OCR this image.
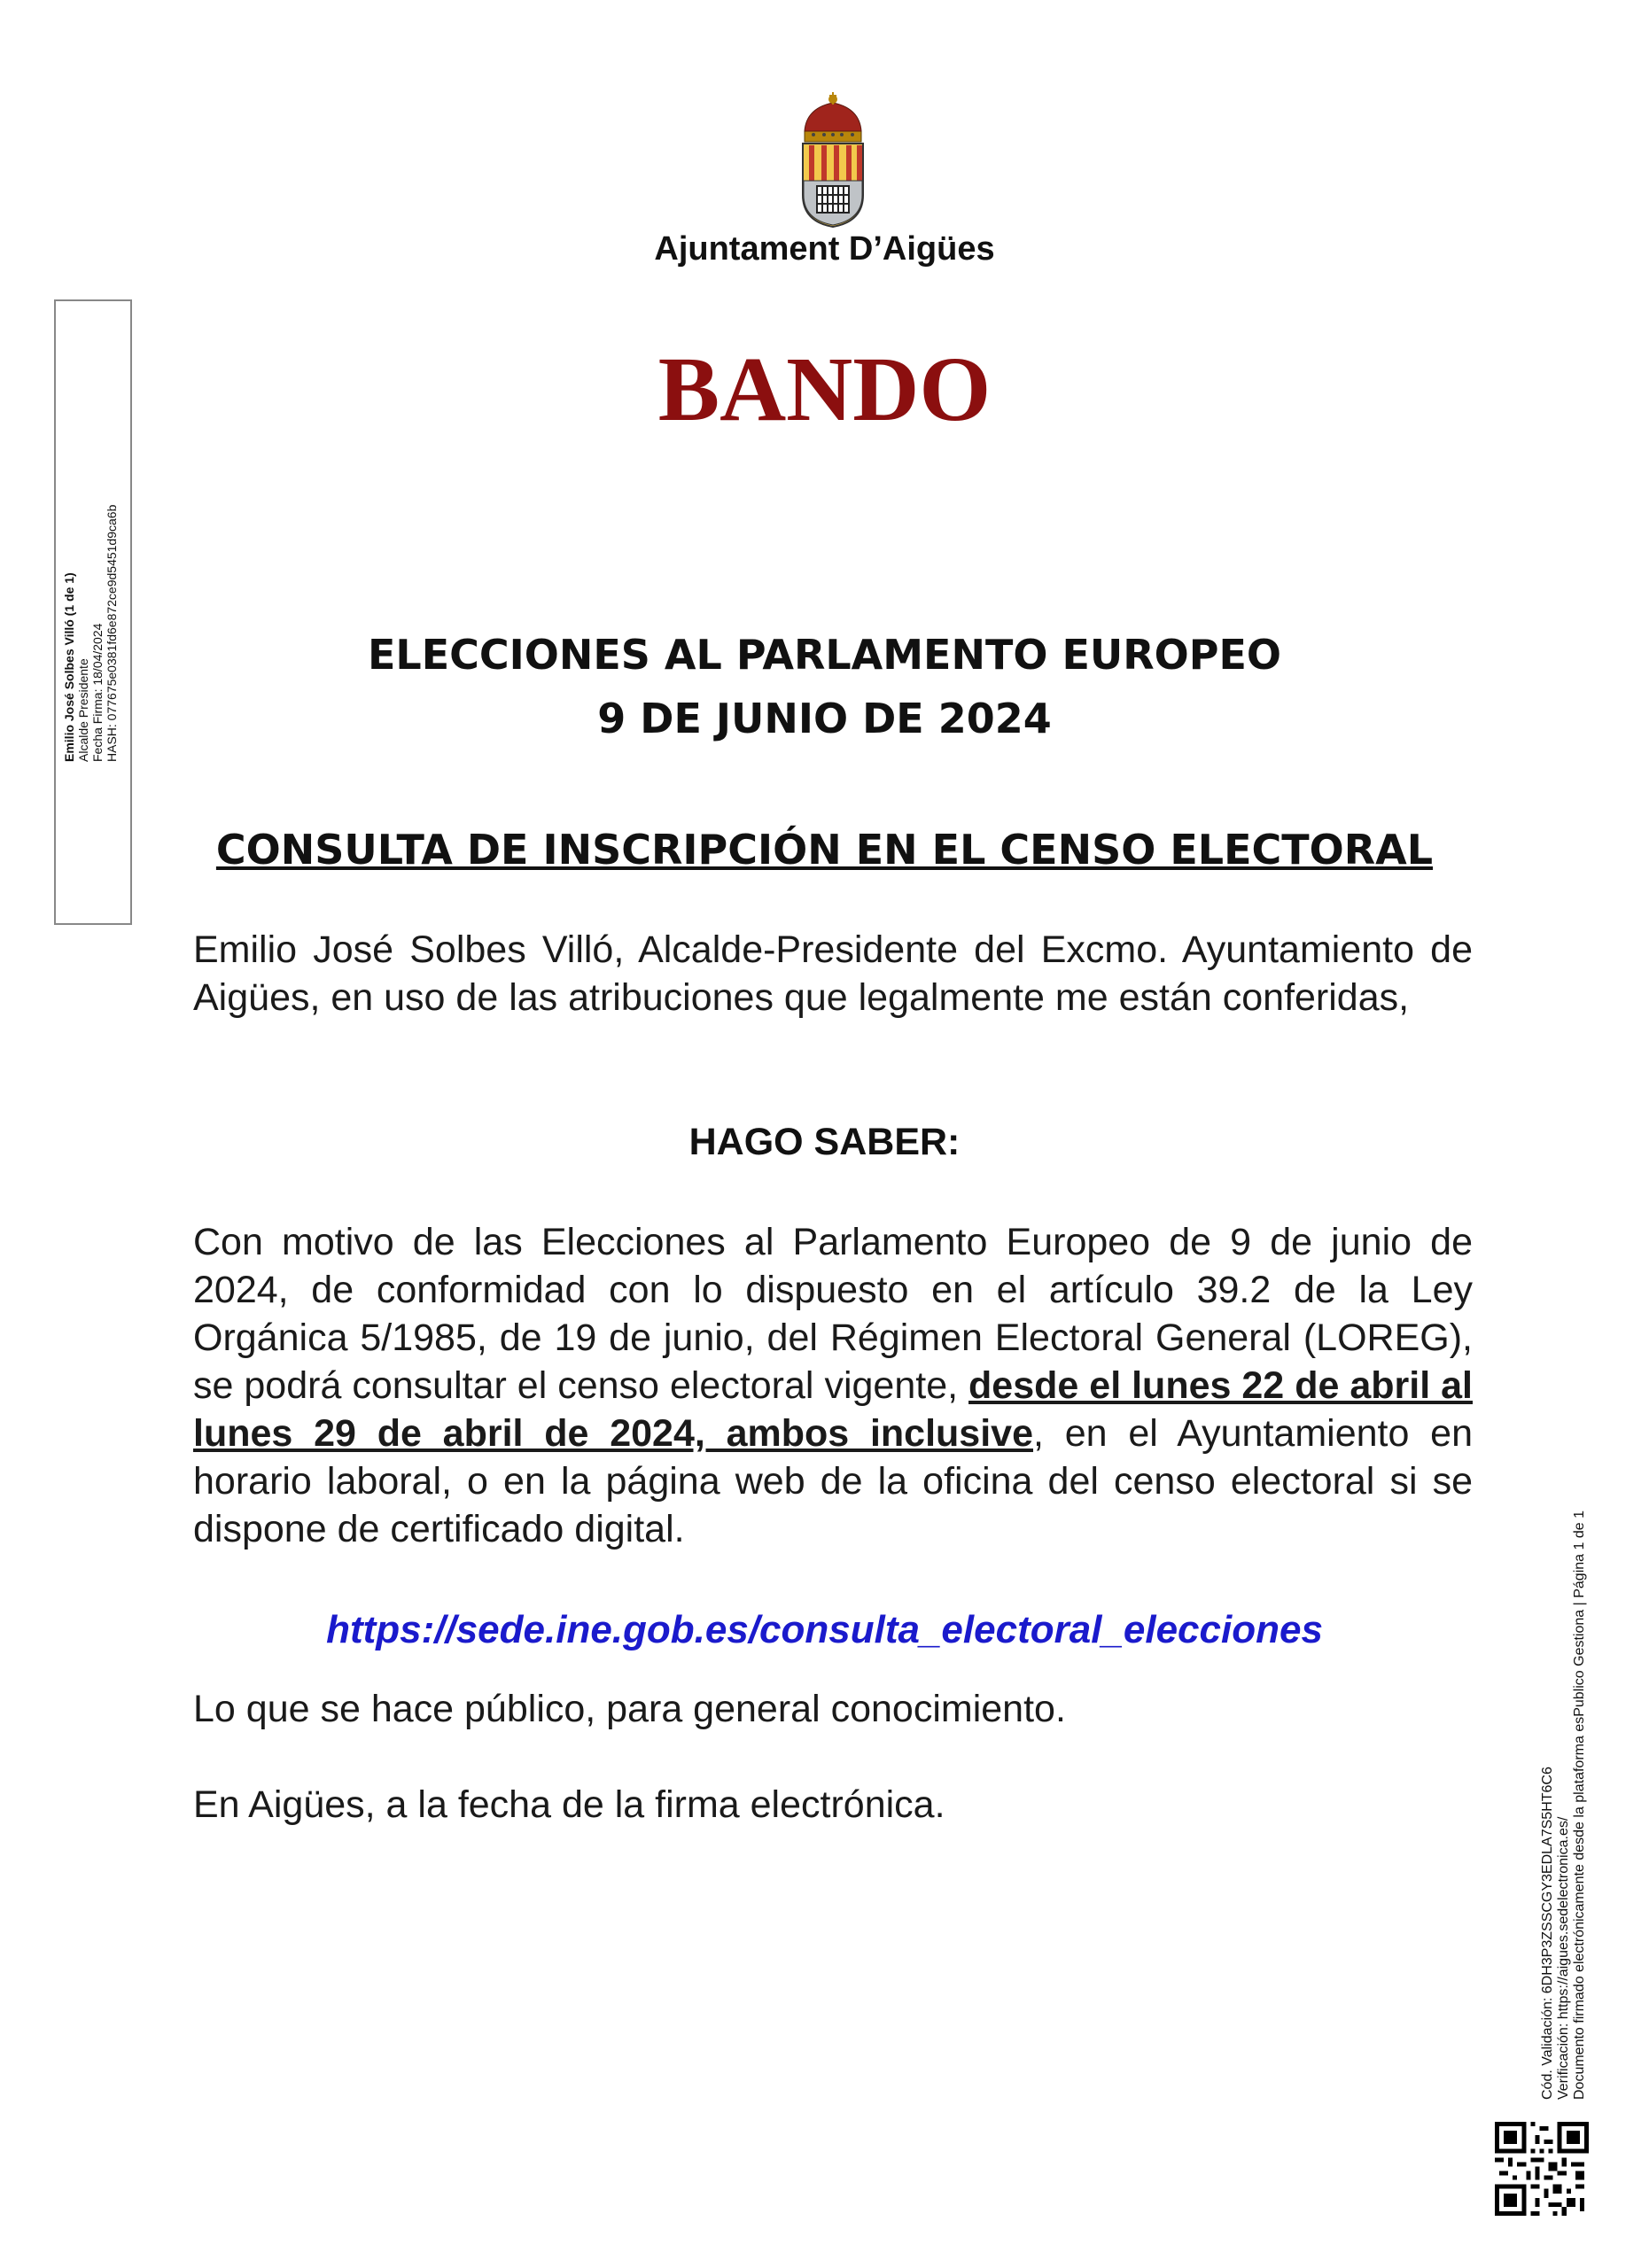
Ajuntament D’Aigües
BANDO
ELECCIONES AL PARLAMENTO EUROPEO
9 DE JUNIO DE 2024
CONSULTA DE INSCRIPCIÓN EN EL CENSO ELECTORAL
Emilio José Solbes Villó, Alcalde-Presidente del Excmo. Ayuntamiento de Aigües, en uso de las atribuciones que legalmente me están conferidas,
HAGO SABER:
Con motivo de las Elecciones al Parlamento Europeo de 9 de junio de 2024, de conformidad con lo dispuesto en el artículo 39.2 de la Ley Orgánica 5/1985, de 19 de junio, del Régimen Electoral General (LOREG), se podrá consultar el censo electoral vigente, desde el lunes 22 de abril al lunes 29 de abril de 2024, ambos inclusive, en el Ayuntamiento en horario laboral, o en la página web de la oficina del censo electoral si se dispone de certificado digital.
https://sede.ine.gob.es/consulta_electoral_elecciones
Lo que se hace público, para general conocimiento.
En Aigües, a la fecha de la firma electrónica.
Emilio José Solbes Villó (1 de 1) Alcalde Presidente Fecha Firma: 18/04/2024 HASH: 077675e0381fd6e872ce9d5451d9ca6b
Cód. Validación: 6DH3P3ZSSCGY3EDLA7S5HT6C6 Verificación: https://aigues.sedelectronica.es/ Documento firmado electrónicamente desde la plataforma esPublico Gestiona | Página 1 de 1
